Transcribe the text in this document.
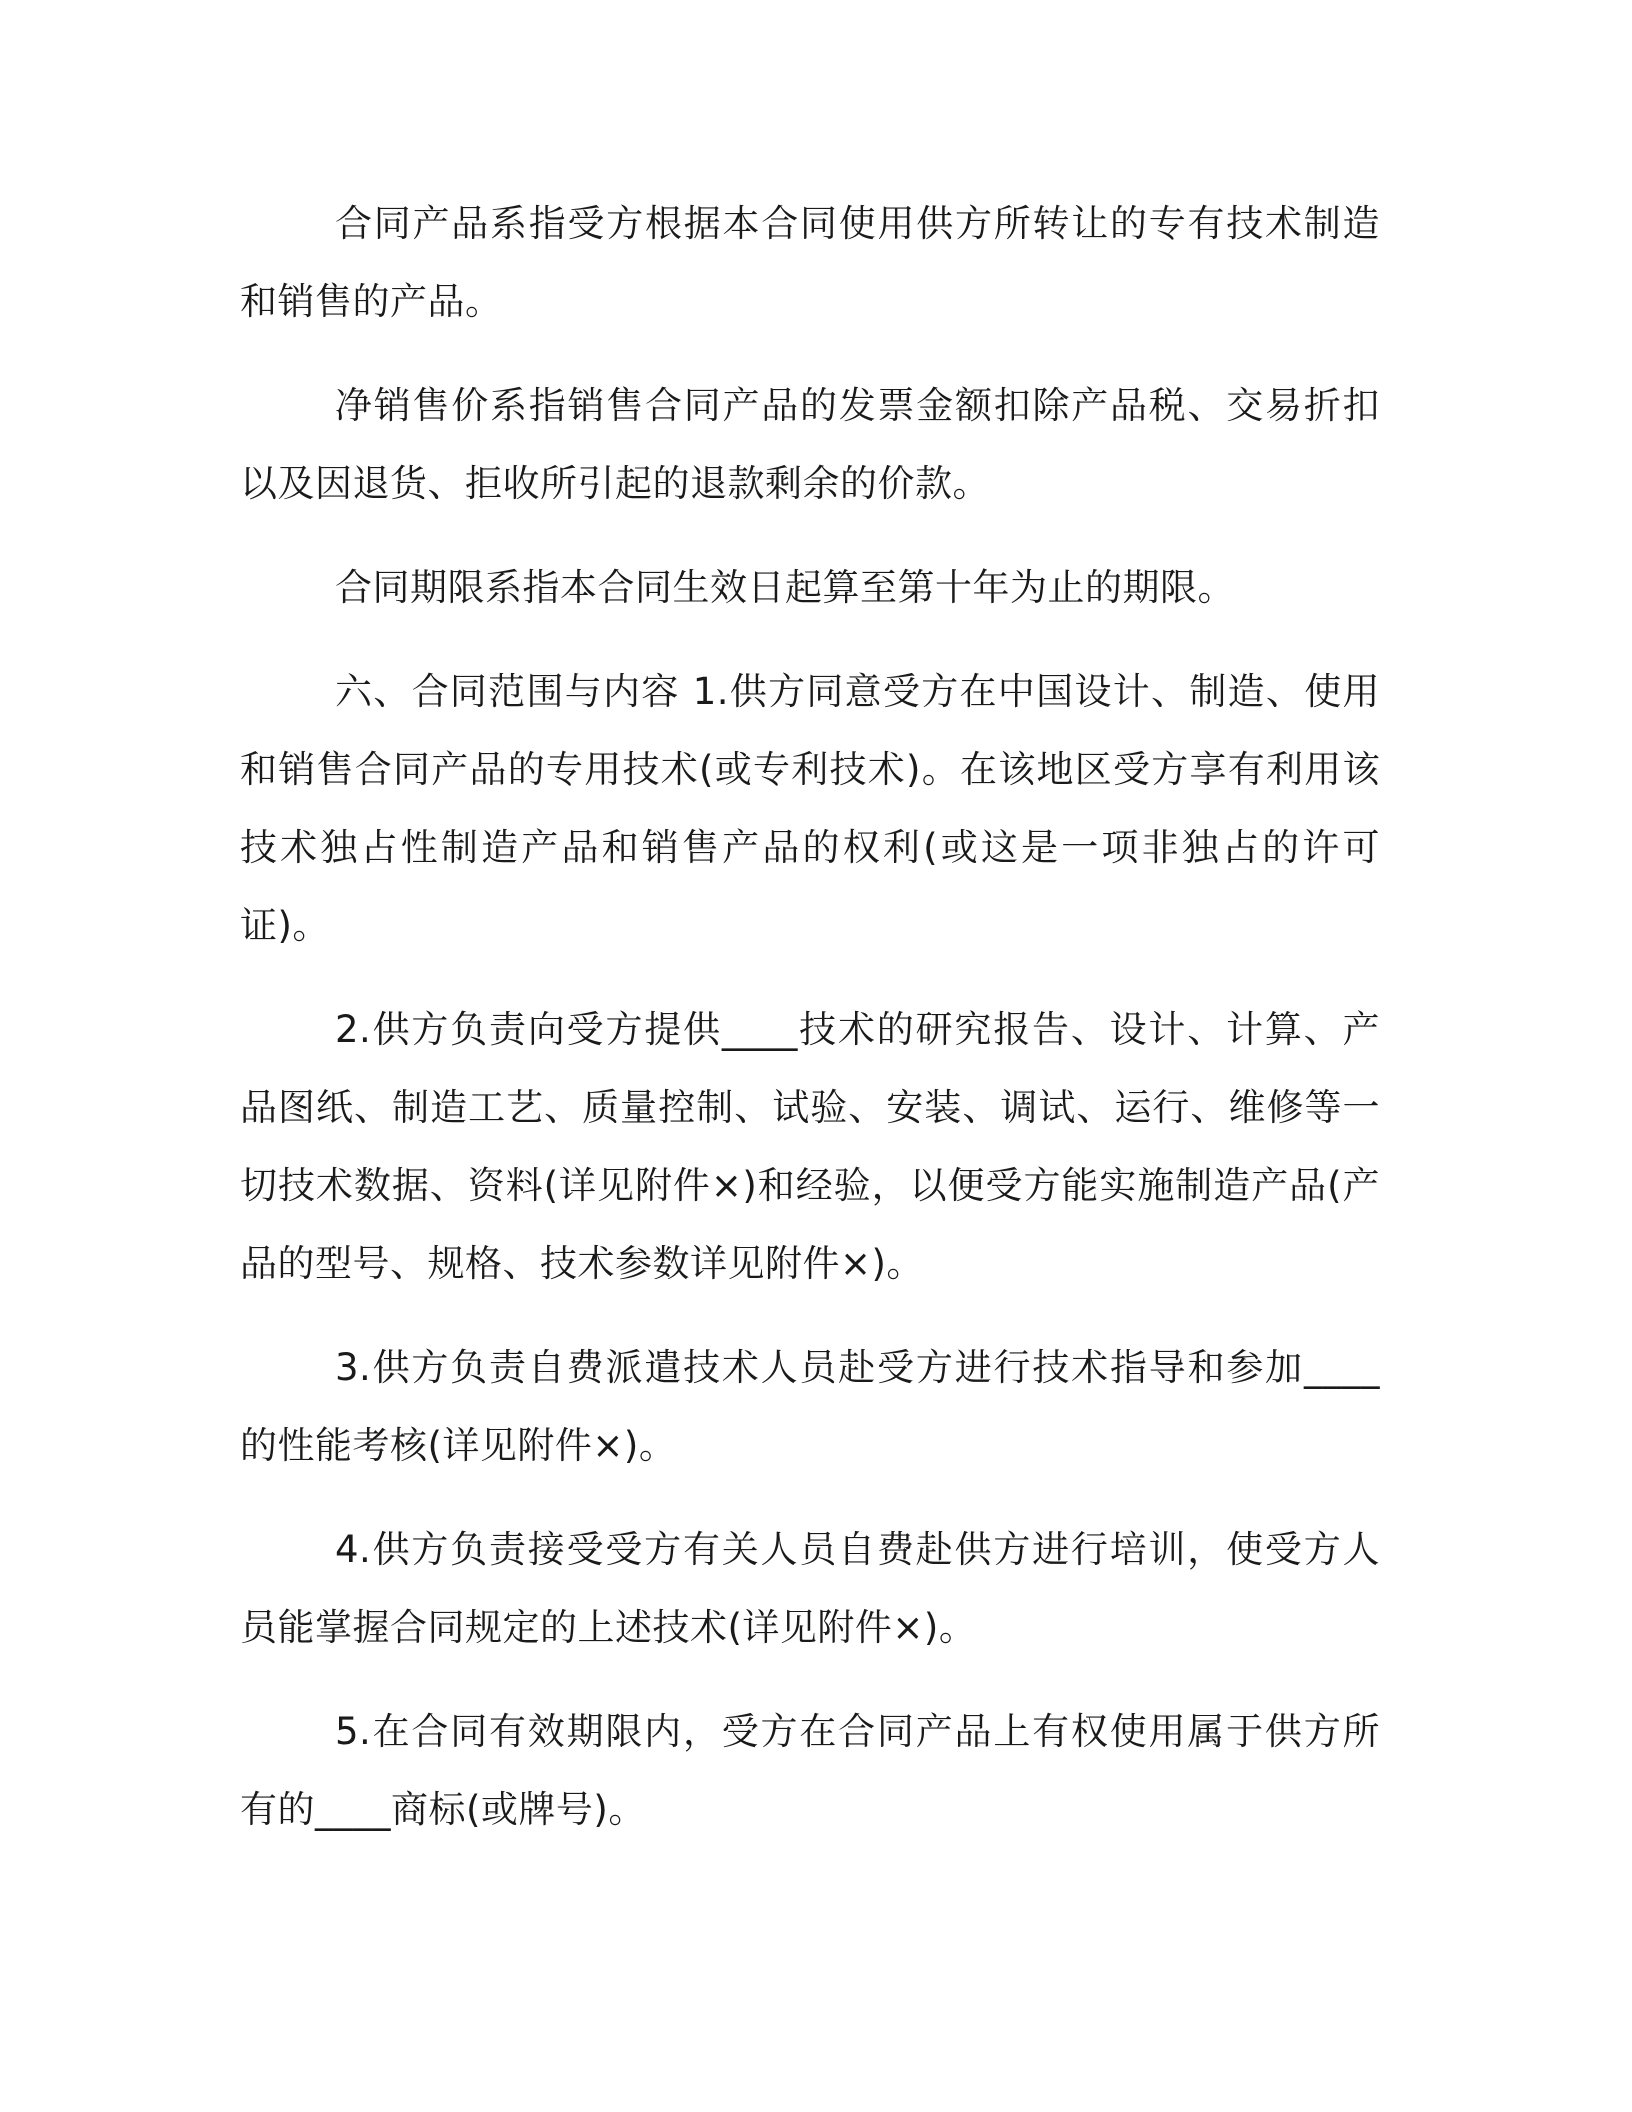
合同产品系指受方根据本合同使用供方所转让的专有技术制造和销售的产品。

净销售价系指销售合同产品的发票金额扣除产品税、交易折扣以及因退货、拒收所引起的退款剩余的价款。

合同期限系指本合同生效日起算至第十年为止的期限。

六、合同范围与内容 1.供方同意受方在中国设计、制造、使用和销售合同产品的专用技术(或专利技术)。在该地区受方享有利用该技术独占性制造产品和销售产品的权利(或这是一项非独占的许可证)。

2.供方负责向受方提供____技术的研究报告、设计、计算、产品图纸、制造工艺、质量控制、试验、安装、调试、运行、维修等一切技术数据、资料(详见附件×)和经验，以便受方能实施制造产品(产品的型号、规格、技术参数详见附件×)。

3.供方负责自费派遣技术人员赴受方进行技术指导和参加____的性能考核(详见附件×)。

4.供方负责接受受方有关人员自费赴供方进行培训，使受方人员能掌握合同规定的上述技术(详见附件×)。

5.在合同有效期限内，受方在合同产品上有权使用属于供方所有的____商标(或牌号)。
